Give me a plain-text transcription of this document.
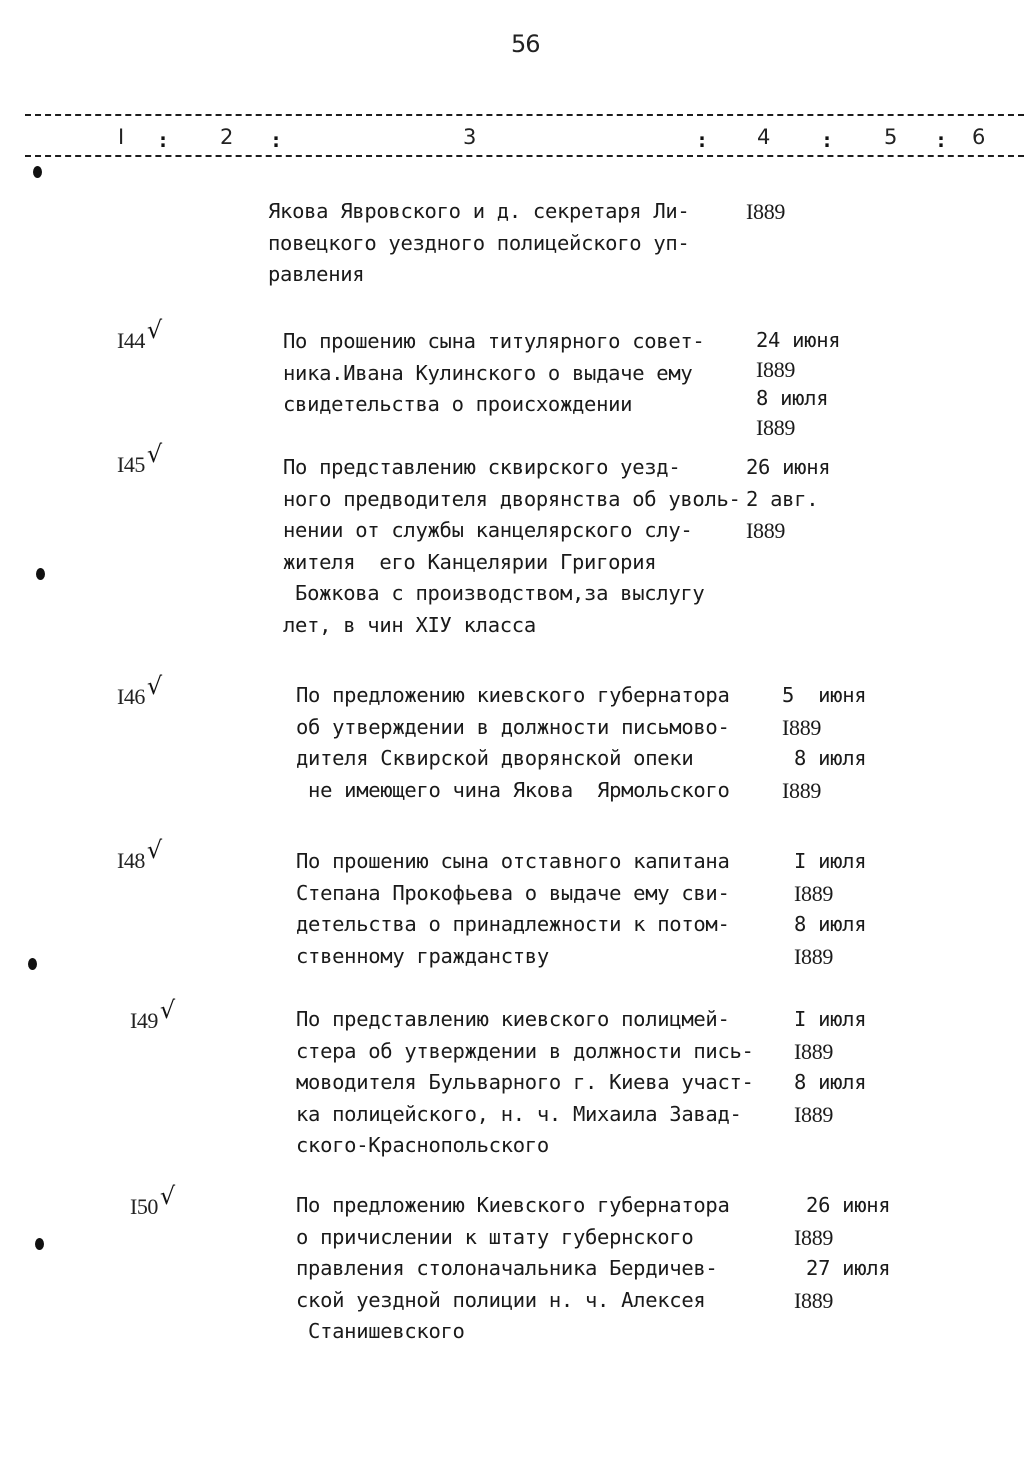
56
I : 2 :	3	: 4	: 5 : 6
Якова Явровского и д. секретаря Ли-
повецкого уездного полицейского уп-
равления
I889
I44√	По прошению сына титулярного совет-
ника.Ивана Кулинского о выдаче ему
свидетельства о происхождении
24 июня
I889
8 июля
I889
I45√	По представлению сквирского уезд-
ного предводителя дворянства об уволь-
нении от службы канцелярского слу-
жителя  его Канцелярии Григория
Божкова с производством,за выслугу
лет, в чин XIУ класса
26 июня
2 авг.
I889
I46√	По предложению киевского губернатора
об утверждении в должности письмово-
дителя Сквирской дворянской опеки
не имеющего чина Якова  Ярмольского
5  июня
I889
8 июля
I889
I48√	По прошению сына отставного капитана
Степана Прокофьева о выдаче ему сви-
детельства о принадлежности к потом-
ственному гражданству
I июля
I889
8 июля
I889
I49√	По представлению киевского полицмей-
стера об утверждении в должности пись-
моводителя Бульварного г. Киева участ-
ка полицейского, н. ч. Михаила Завад-
ского-Краснопольского
I июля
I889
8 июля
I889
I50√	По предложению Киевского губернатора
о причислении к штату губернского
правления столоначальника Бердичев-
ской уездной полиции н. ч. Алексея
Станишевского
26 июня
I889
27 июля
I889
